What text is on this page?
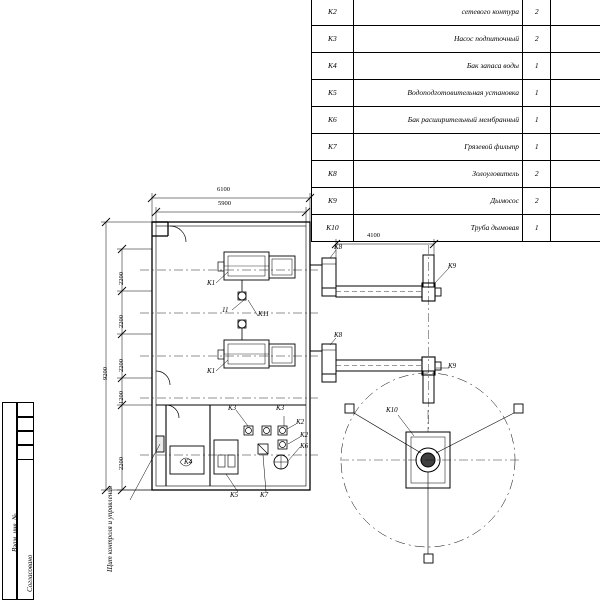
K2	сетевого контура	2	
K3	Насос подпиточный	2	
K4	Бак запаса воды	1	
K5	Водоподготовительная установка	1	
K6	Бак расширительный мембранный	1	
K7	Грязевой фильтр	1	
K8	Золоуловитель	2	
K9	Дымосос	2	
K10	Труба дымовая	1	
6100
5900
4100
9200
2200
2200
2200
1200
2200
K1
K1
11	K11
K3	K3
K2
K2
K6
K4
K5	K7
K8
K8
K9
K9
K10
Щит контроля и управления
Взам. инв. №
Согласовано
